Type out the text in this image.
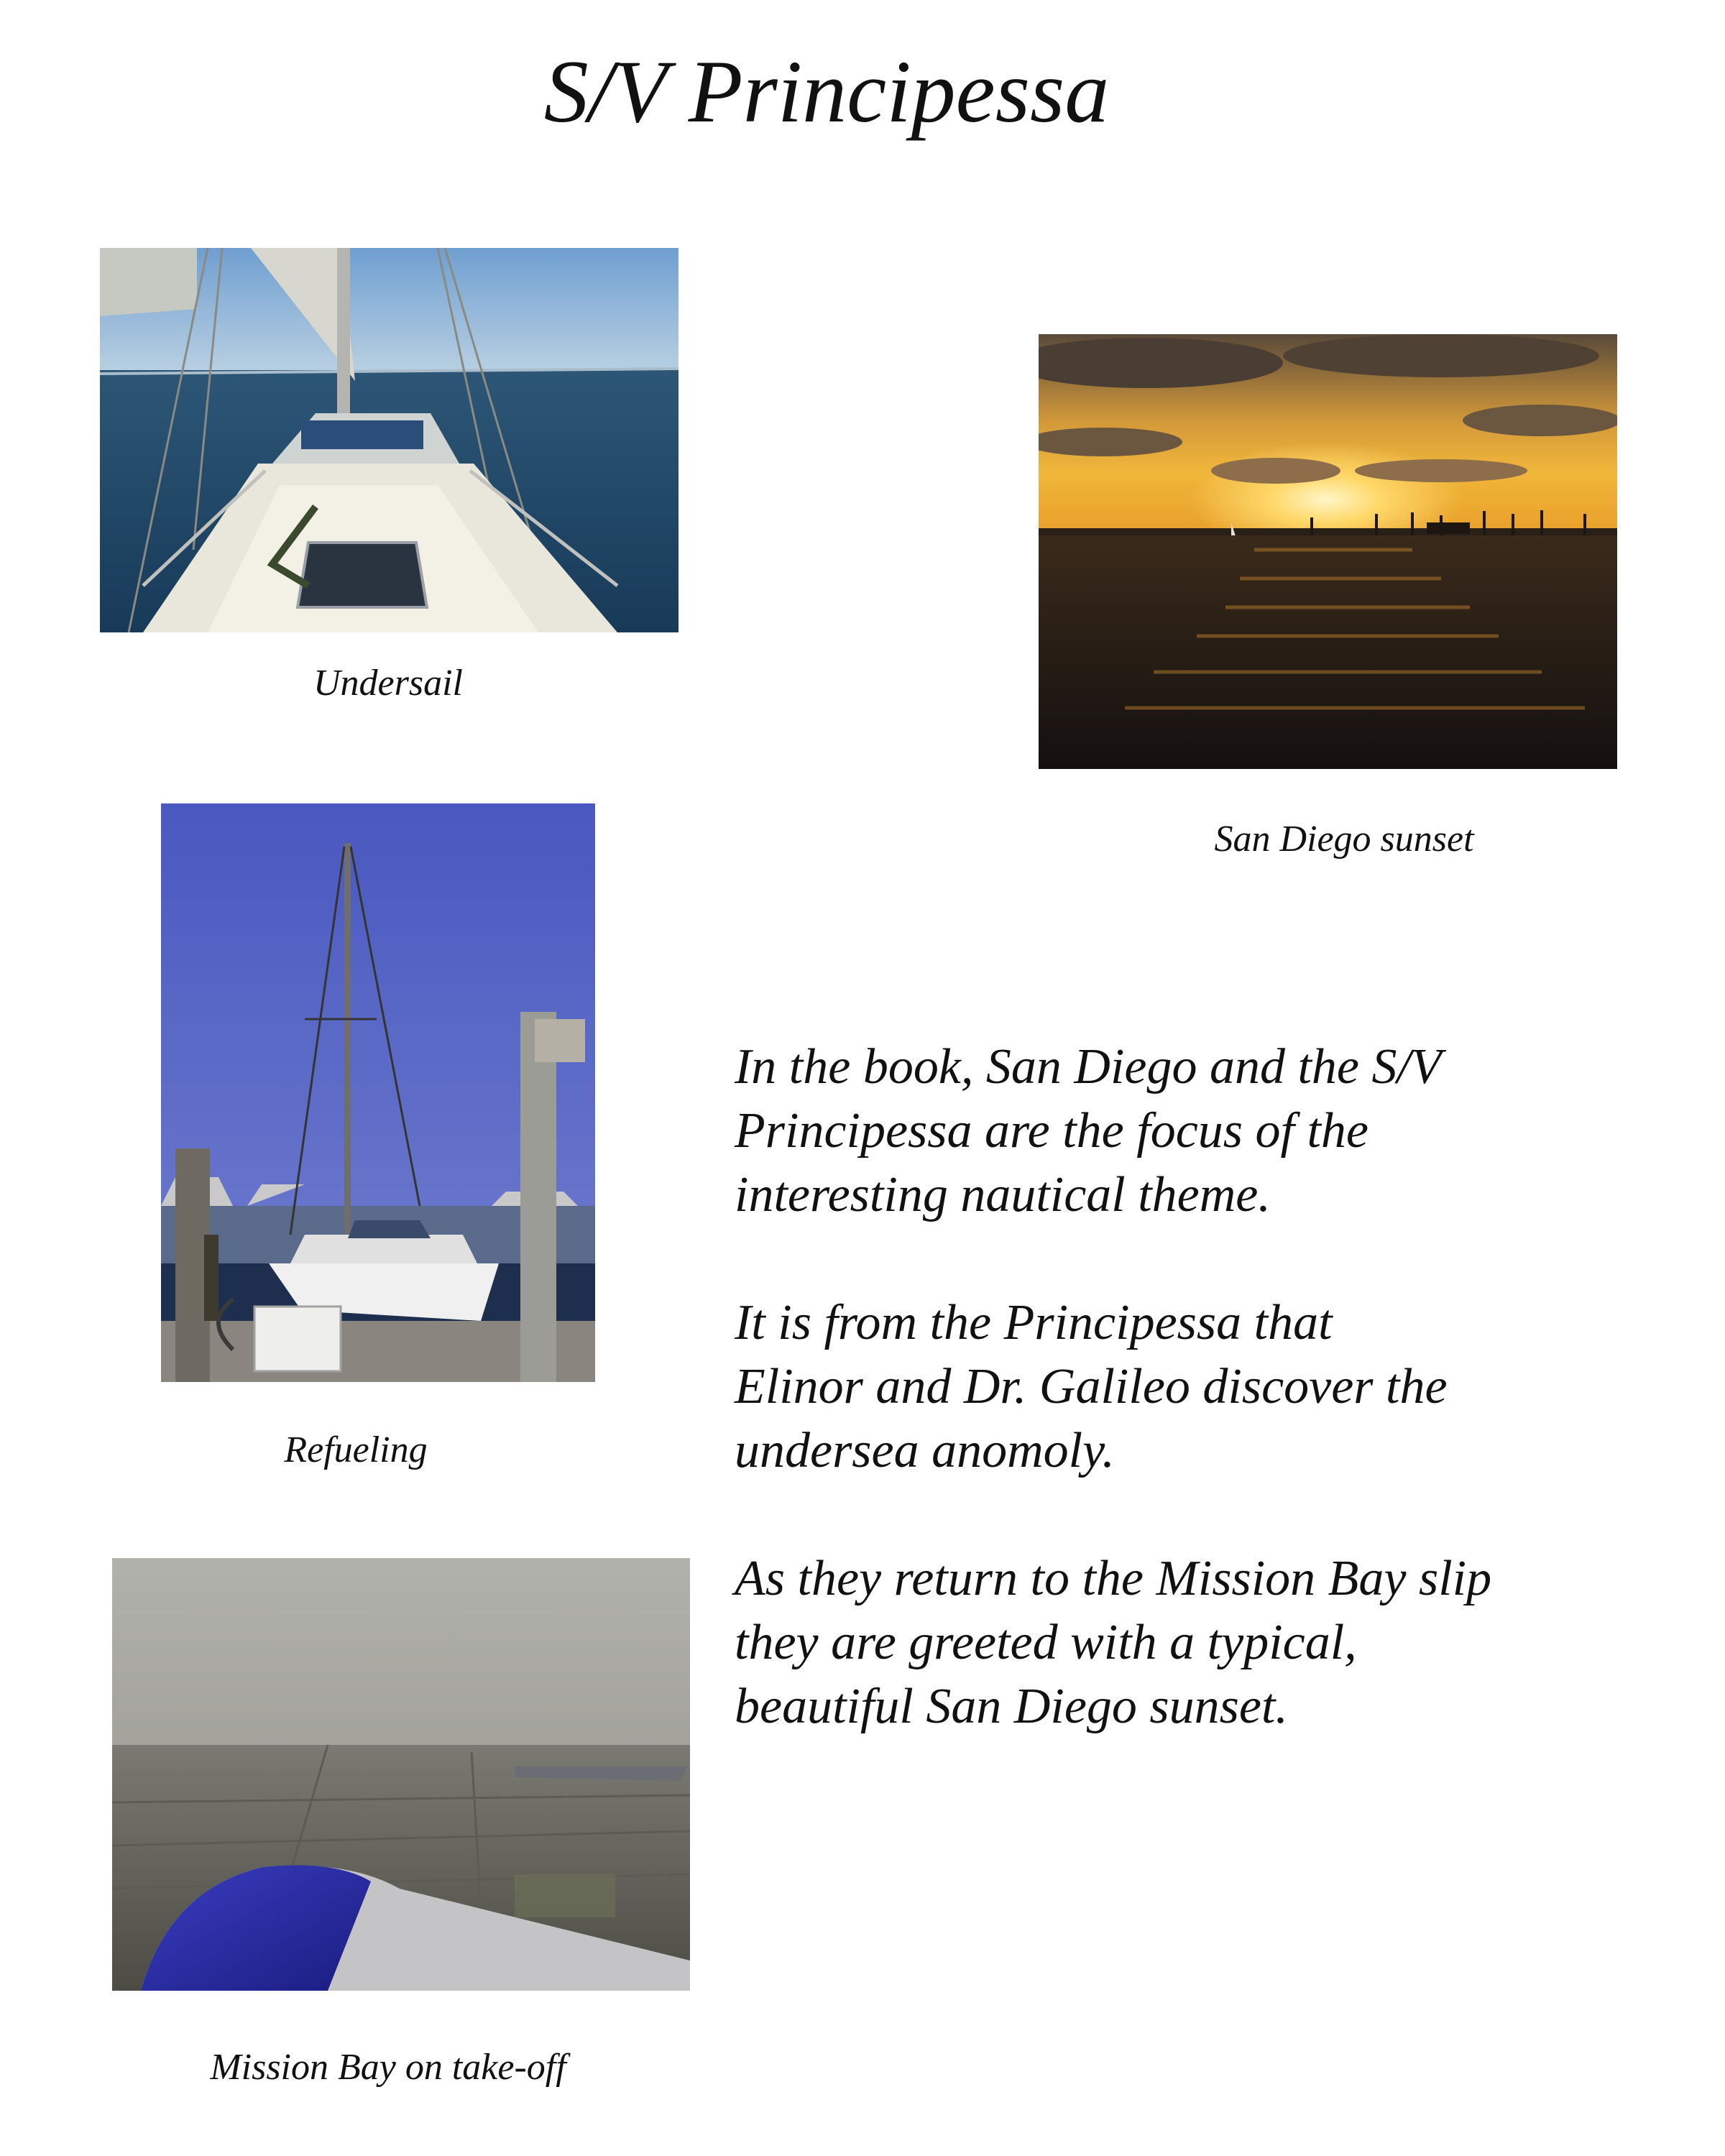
S/V Principessa
Undersail
San Diego sunset
Refueling
Mission Bay on take-off

In the book, San Diego and the S/V
Principessa are the focus of the
interesting nautical theme.

It is from the Principessa that
Elinor and Dr. Galileo discover the
undersea anomoly.

As they return to the Mission Bay slip
they are greeted with a typical,
beautiful San Diego sunset.
